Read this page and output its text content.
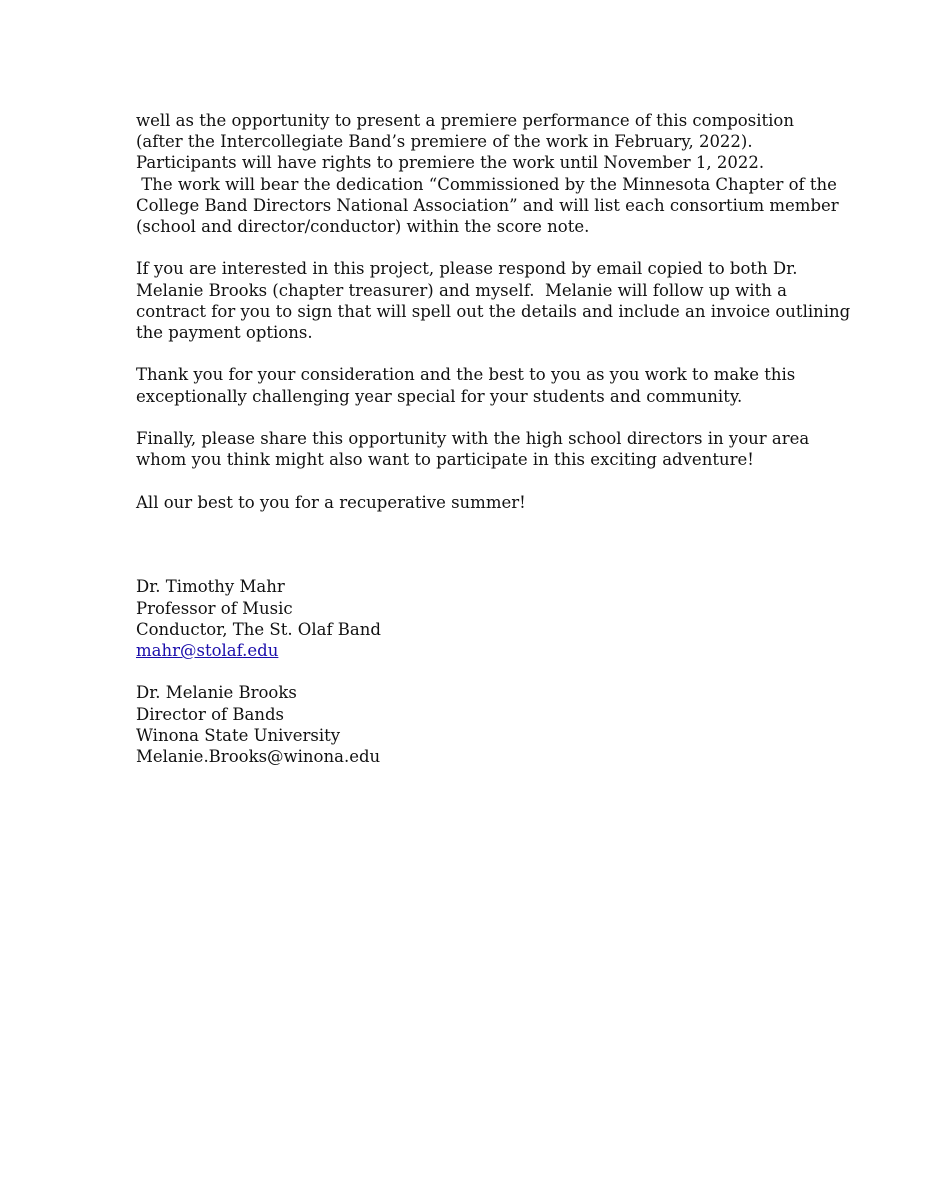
well as the opportunity to present a premiere performance of this composition
(after the Intercollegiate Band’s premiere of the work in February, 2022).
Participants will have rights to premiere the work until November 1, 2022.
The work will bear the dedication “Commissioned by the Minnesota Chapter of the
College Band Directors National Association” and will list each consortium member
(school and director/conductor) within the score note.

If you are interested in this project, please respond by email copied to both Dr.
Melanie Brooks (chapter treasurer) and myself.  Melanie will follow up with a
contract for you to sign that will spell out the details and include an invoice outlining
the payment options.

Thank you for your consideration and the best to you as you work to make this
exceptionally challenging year special for your students and community.

Finally, please share this opportunity with the high school directors in your area
whom you think might also want to participate in this exciting adventure!

All our best to you for a recuperative summer!

Dr. Timothy Mahr
Professor of Music
Conductor, The St. Olaf Band
mahr@stolaf.edu
Dr. Melanie Brooks
Director of Bands
Winona State University
Melanie.Brooks@winona.edu
